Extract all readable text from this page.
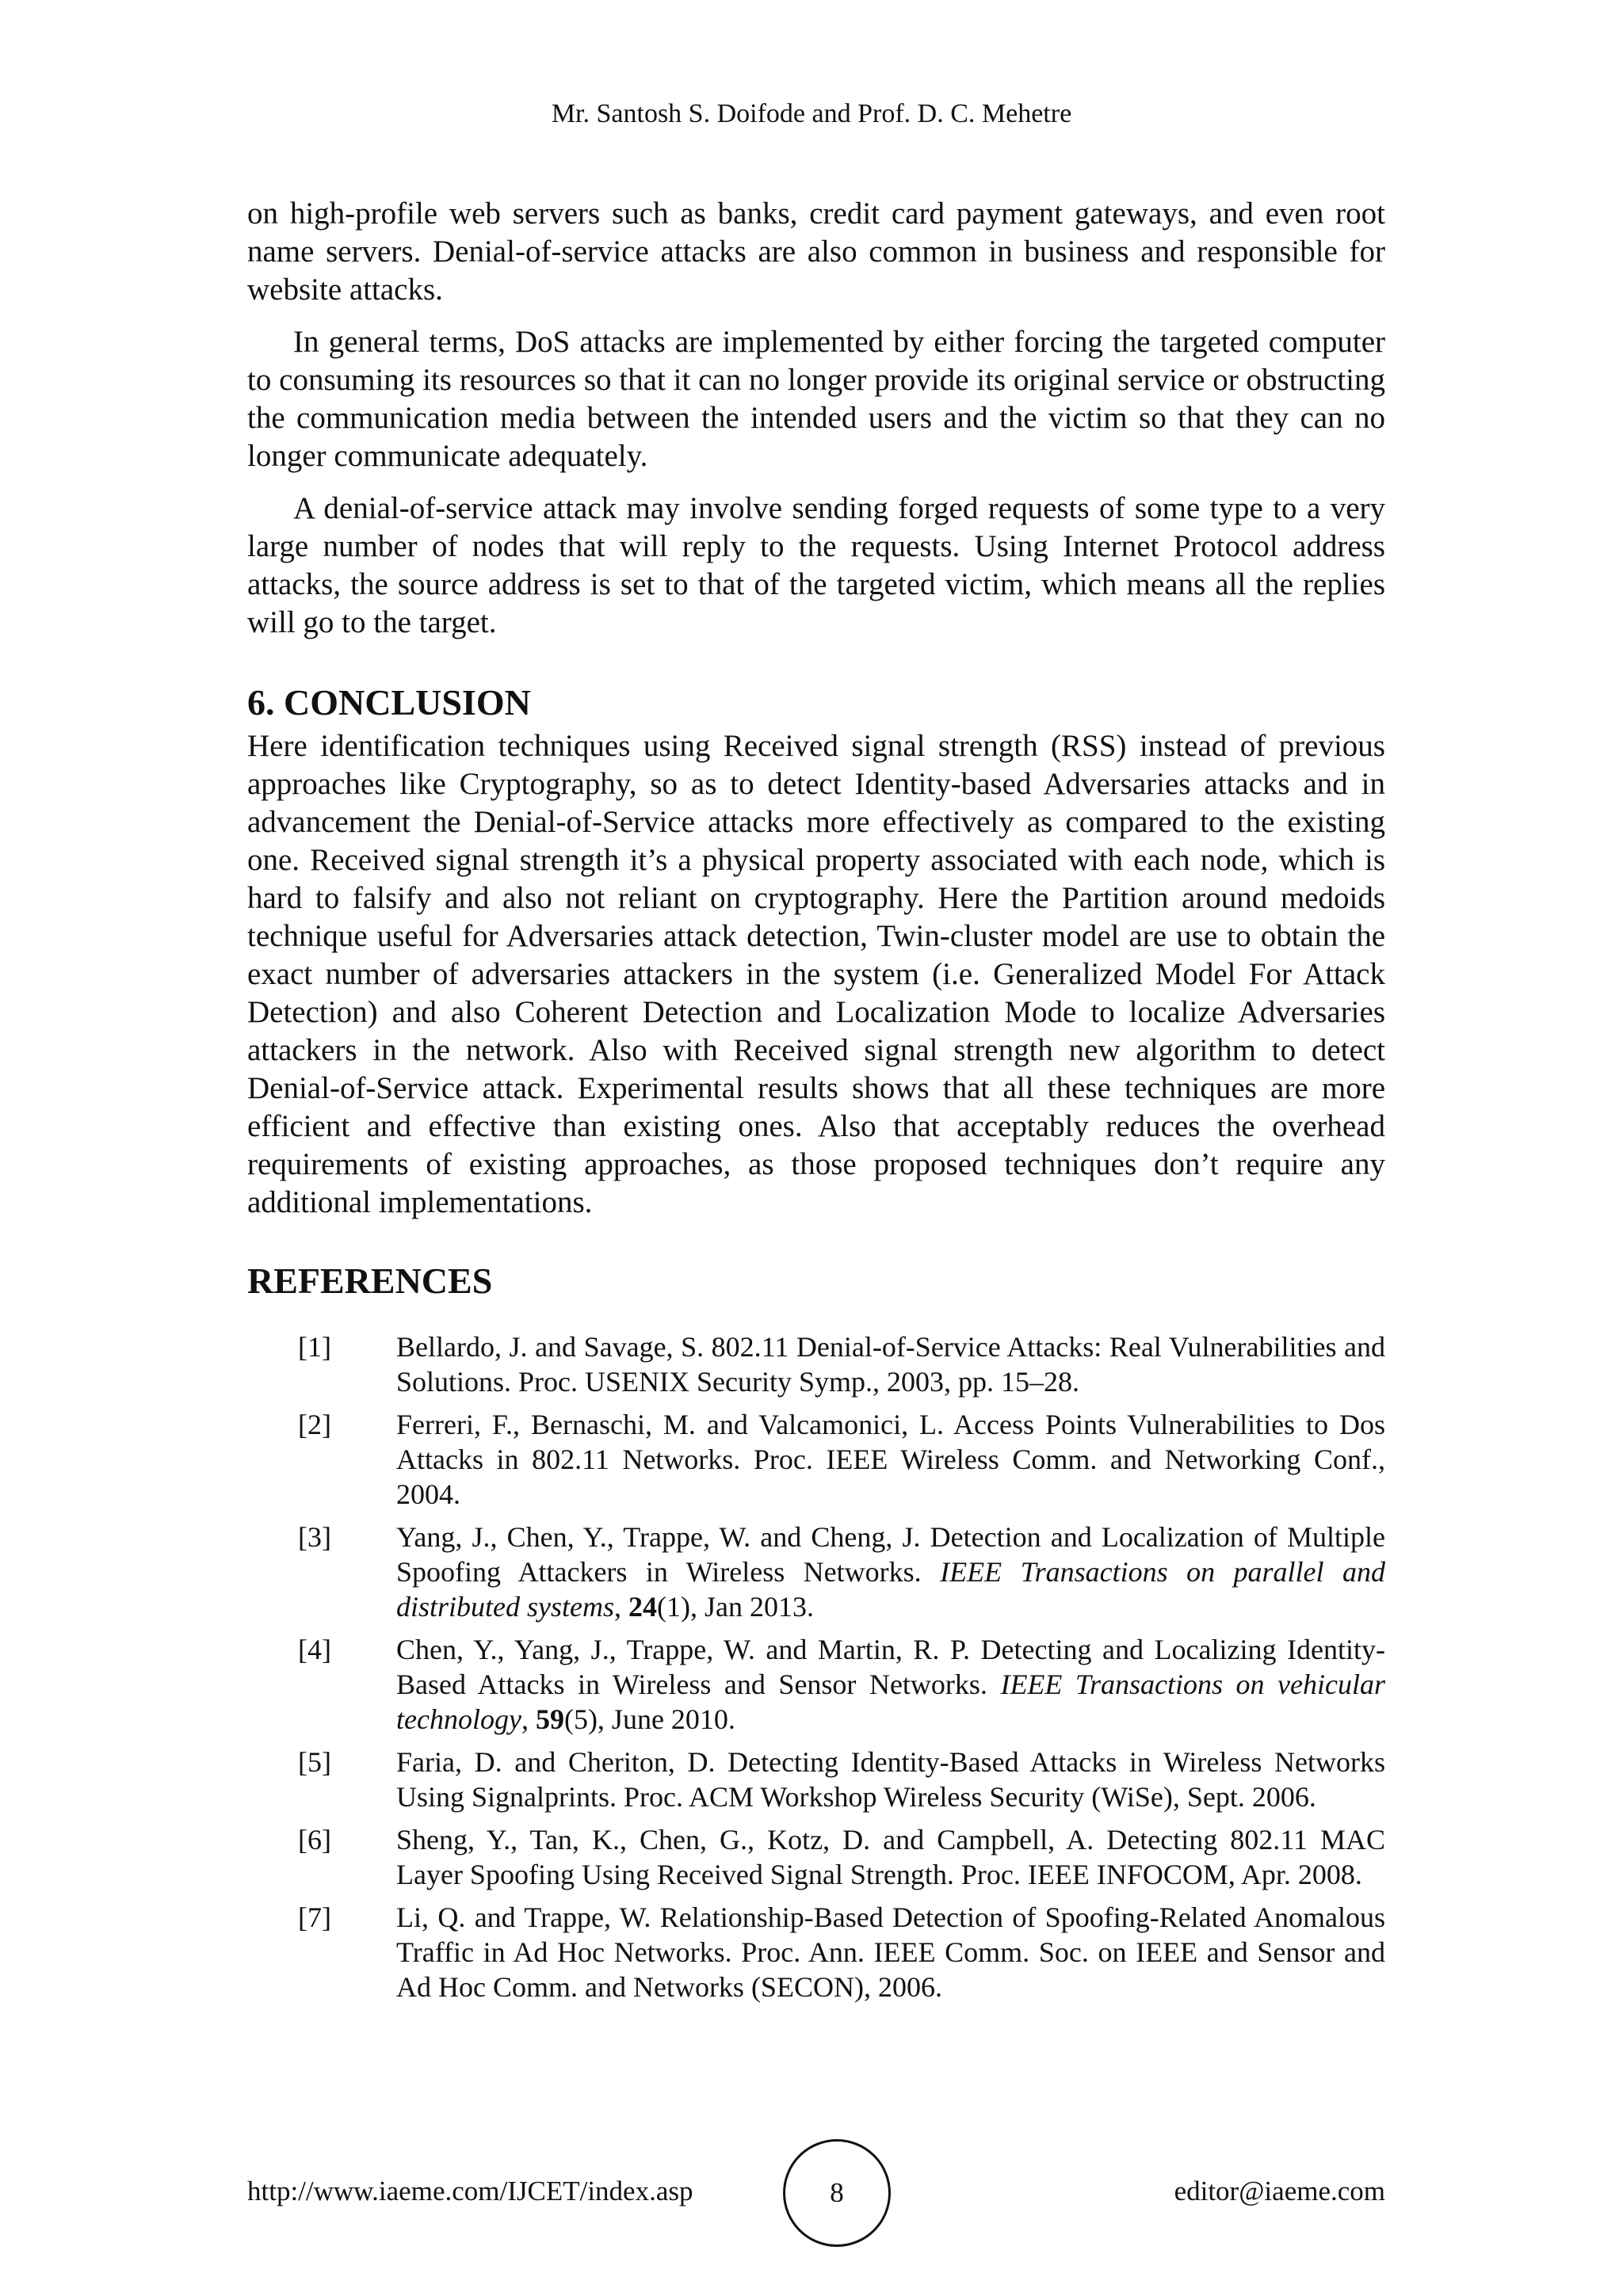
Mr. Santosh S. Doifode and Prof. D. C. Mehetre

on high-profile web servers such as banks, credit card payment gateways, and even root name servers. Denial-of-service attacks are also common in business and responsible for website attacks.

In general terms, DoS attacks are implemented by either forcing the targeted computer to consuming its resources so that it can no longer provide its original service or obstructing the communication media between the intended users and the victim so that they can no longer communicate adequately.

A denial-of-service attack may involve sending forged requests of some type to a very large number of nodes that will reply to the requests. Using Internet Protocol address attacks, the source address is set to that of the targeted victim, which means all the replies will go to the target.

6. CONCLUSION

Here identification techniques using Received signal strength (RSS) instead of previous approaches like Cryptography, so as to detect Identity-based Adversaries attacks and in advancement the Denial-of-Service attacks more effectively as compared to the existing one. Received signal strength it’s a physical property associated with each node, which is hard to falsify and also not reliant on cryptography. Here the Partition around medoids technique useful for Adversaries attack detection, Twin-cluster model are use to obtain the exact number of adversaries attackers in the system (i.e. Generalized Model For Attack Detection) and also Coherent Detection and Localization Mode to localize Adversaries attackers in the network. Also with Received signal strength new algorithm to detect Denial-of-Service attack. Experimental results shows that all these techniques are more efficient and effective than existing ones. Also that acceptably reduces the overhead requirements of existing approaches, as those proposed techniques don’t require any additional implementations.

REFERENCES
[1] Bellardo, J. and Savage, S. 802.11 Denial-of-Service Attacks: Real Vulnerabilities and Solutions. Proc. USENIX Security Symp., 2003, pp. 15–28.
[2] Ferreri, F., Bernaschi, M. and Valcamonici, L. Access Points Vulnerabilities to Dos Attacks in 802.11 Networks. Proc. IEEE Wireless Comm. and Networking Conf., 2004.
[3] Yang, J., Chen, Y., Trappe, W. and Cheng, J. Detection and Localization of Multiple Spoofing Attackers in Wireless Networks. IEEE Transactions on parallel and distributed systems, 24(1), Jan 2013.
[4] Chen, Y., Yang, J., Trappe, W. and Martin, R. P. Detecting and Localizing Identity-Based Attacks in Wireless and Sensor Networks. IEEE Transactions on vehicular technology, 59(5), June 2010.
[5] Faria, D. and Cheriton, D. Detecting Identity-Based Attacks in Wireless Networks Using Signalprints. Proc. ACM Workshop Wireless Security (WiSe), Sept. 2006.
[6] Sheng, Y., Tan, K., Chen, G., Kotz, D. and Campbell, A. Detecting 802.11 MAC Layer Spoofing Using Received Signal Strength. Proc. IEEE INFOCOM, Apr. 2008.
[7] Li, Q. and Trappe, W. Relationship-Based Detection of Spoofing-Related Anomalous Traffic in Ad Hoc Networks. Proc. Ann. IEEE Comm. Soc. on IEEE and Sensor and Ad Hoc Comm. and Networks (SECON), 2006.
http://www.iaeme.com/IJCET/index.asp	8	editor@iaeme.com
